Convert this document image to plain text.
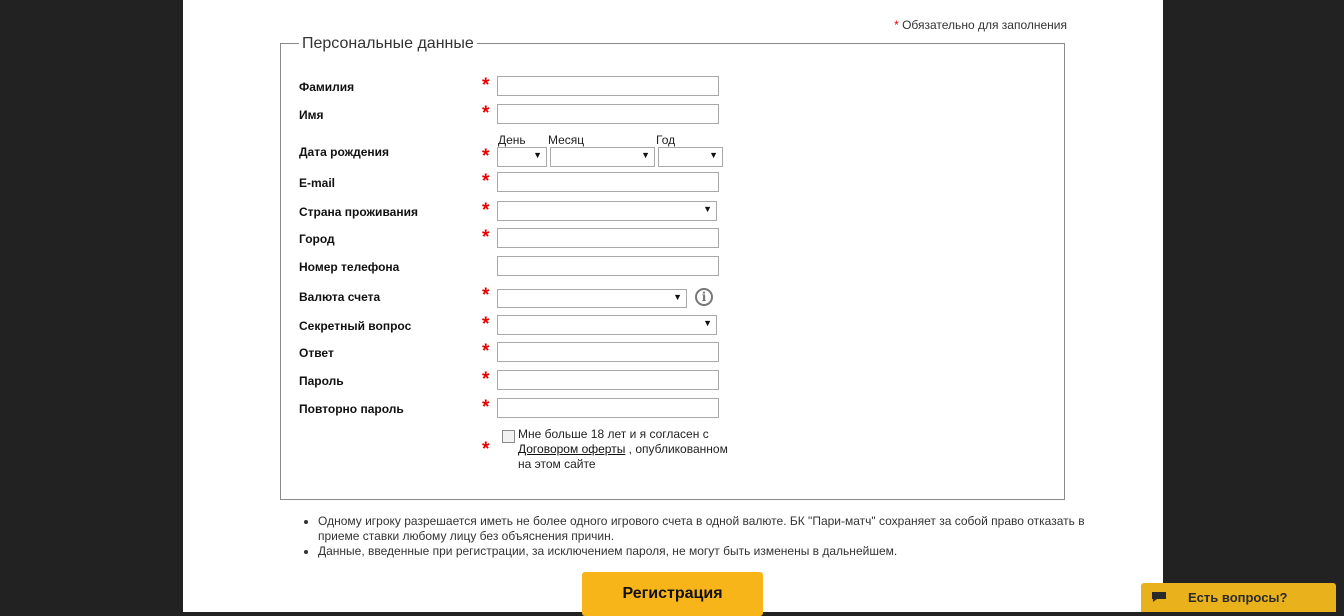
* Обязательно для заполнения
Персональные данные
Фамилия	*
Имя	*
Дата рождения	*
День Месяц	Год
▼	▼	▼
E-mail	*
Страна проживания	*	▼
Город	*
Номер телефона
Валюта счета	*	▼	i
Секретный вопрос	*	▼
Ответ	*
Пароль	*
Повторно пароль	*
*
Мне больше 18 лет и я согласен с
Договором оферты , опубликованном на этом сайте
• Одному игроку разрешается иметь не более одного игрового счета в одной валюте. БК "Пари-матч" сохраняет за собой право отказать в приеме ставки любому лицу без объяснения причин.
• Данные, введенные при регистрации, за исключением пароля, не могут быть изменены в дальнейшем.
Регистрация	Есть вопросы?
